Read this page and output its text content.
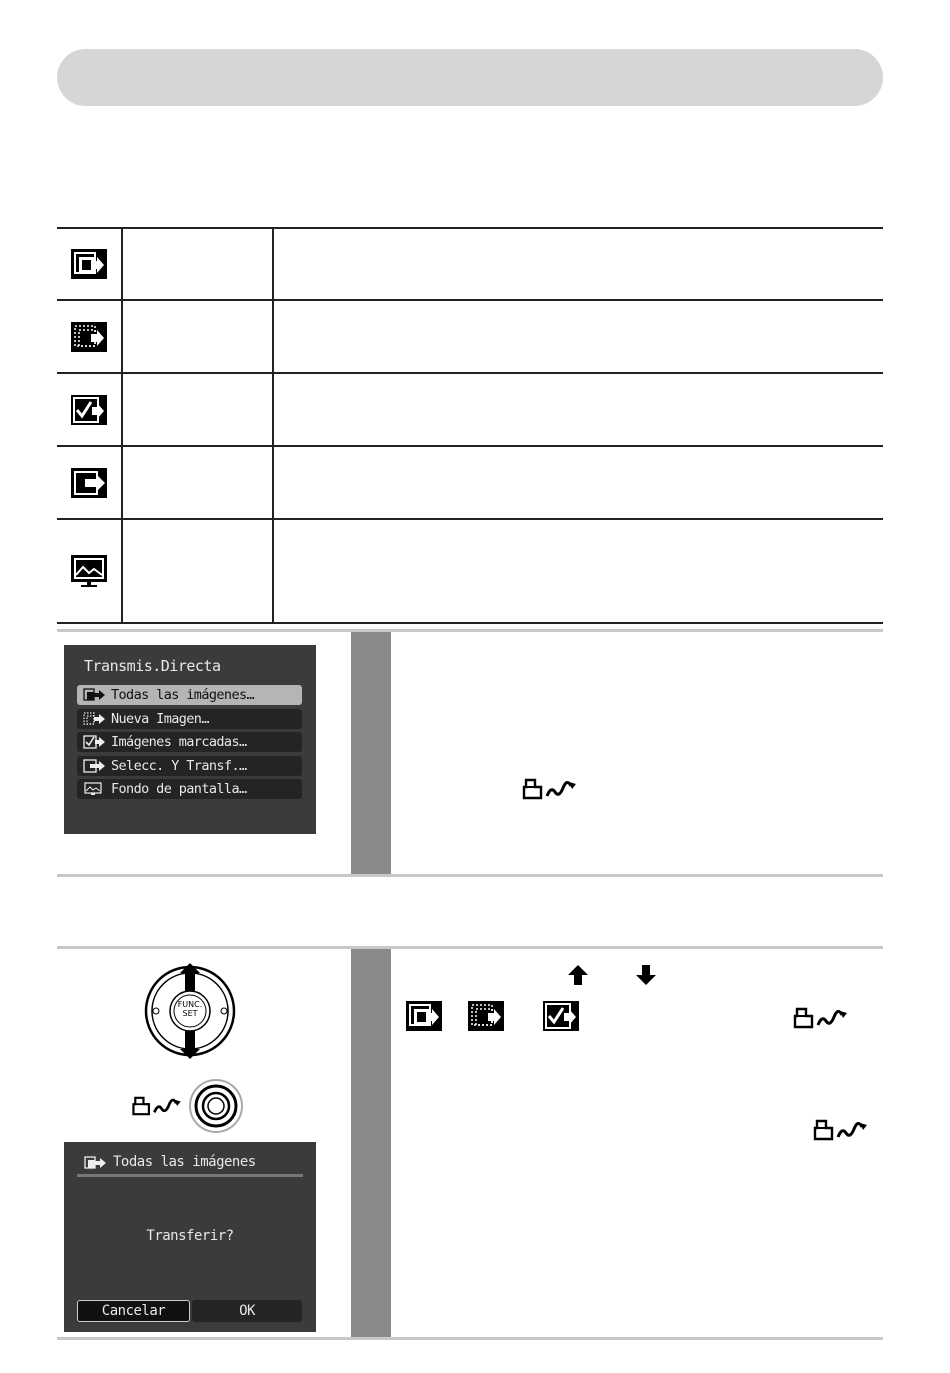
Transmis.Directa
Todas las imágenes…
Nueva Imagen…
Imágenes marcadas…
Selecc. Y Transf.…
Fondo de pantalla…
FUNC.
SET
Todas las imágenes
Transferir?
Cancelar	OK
